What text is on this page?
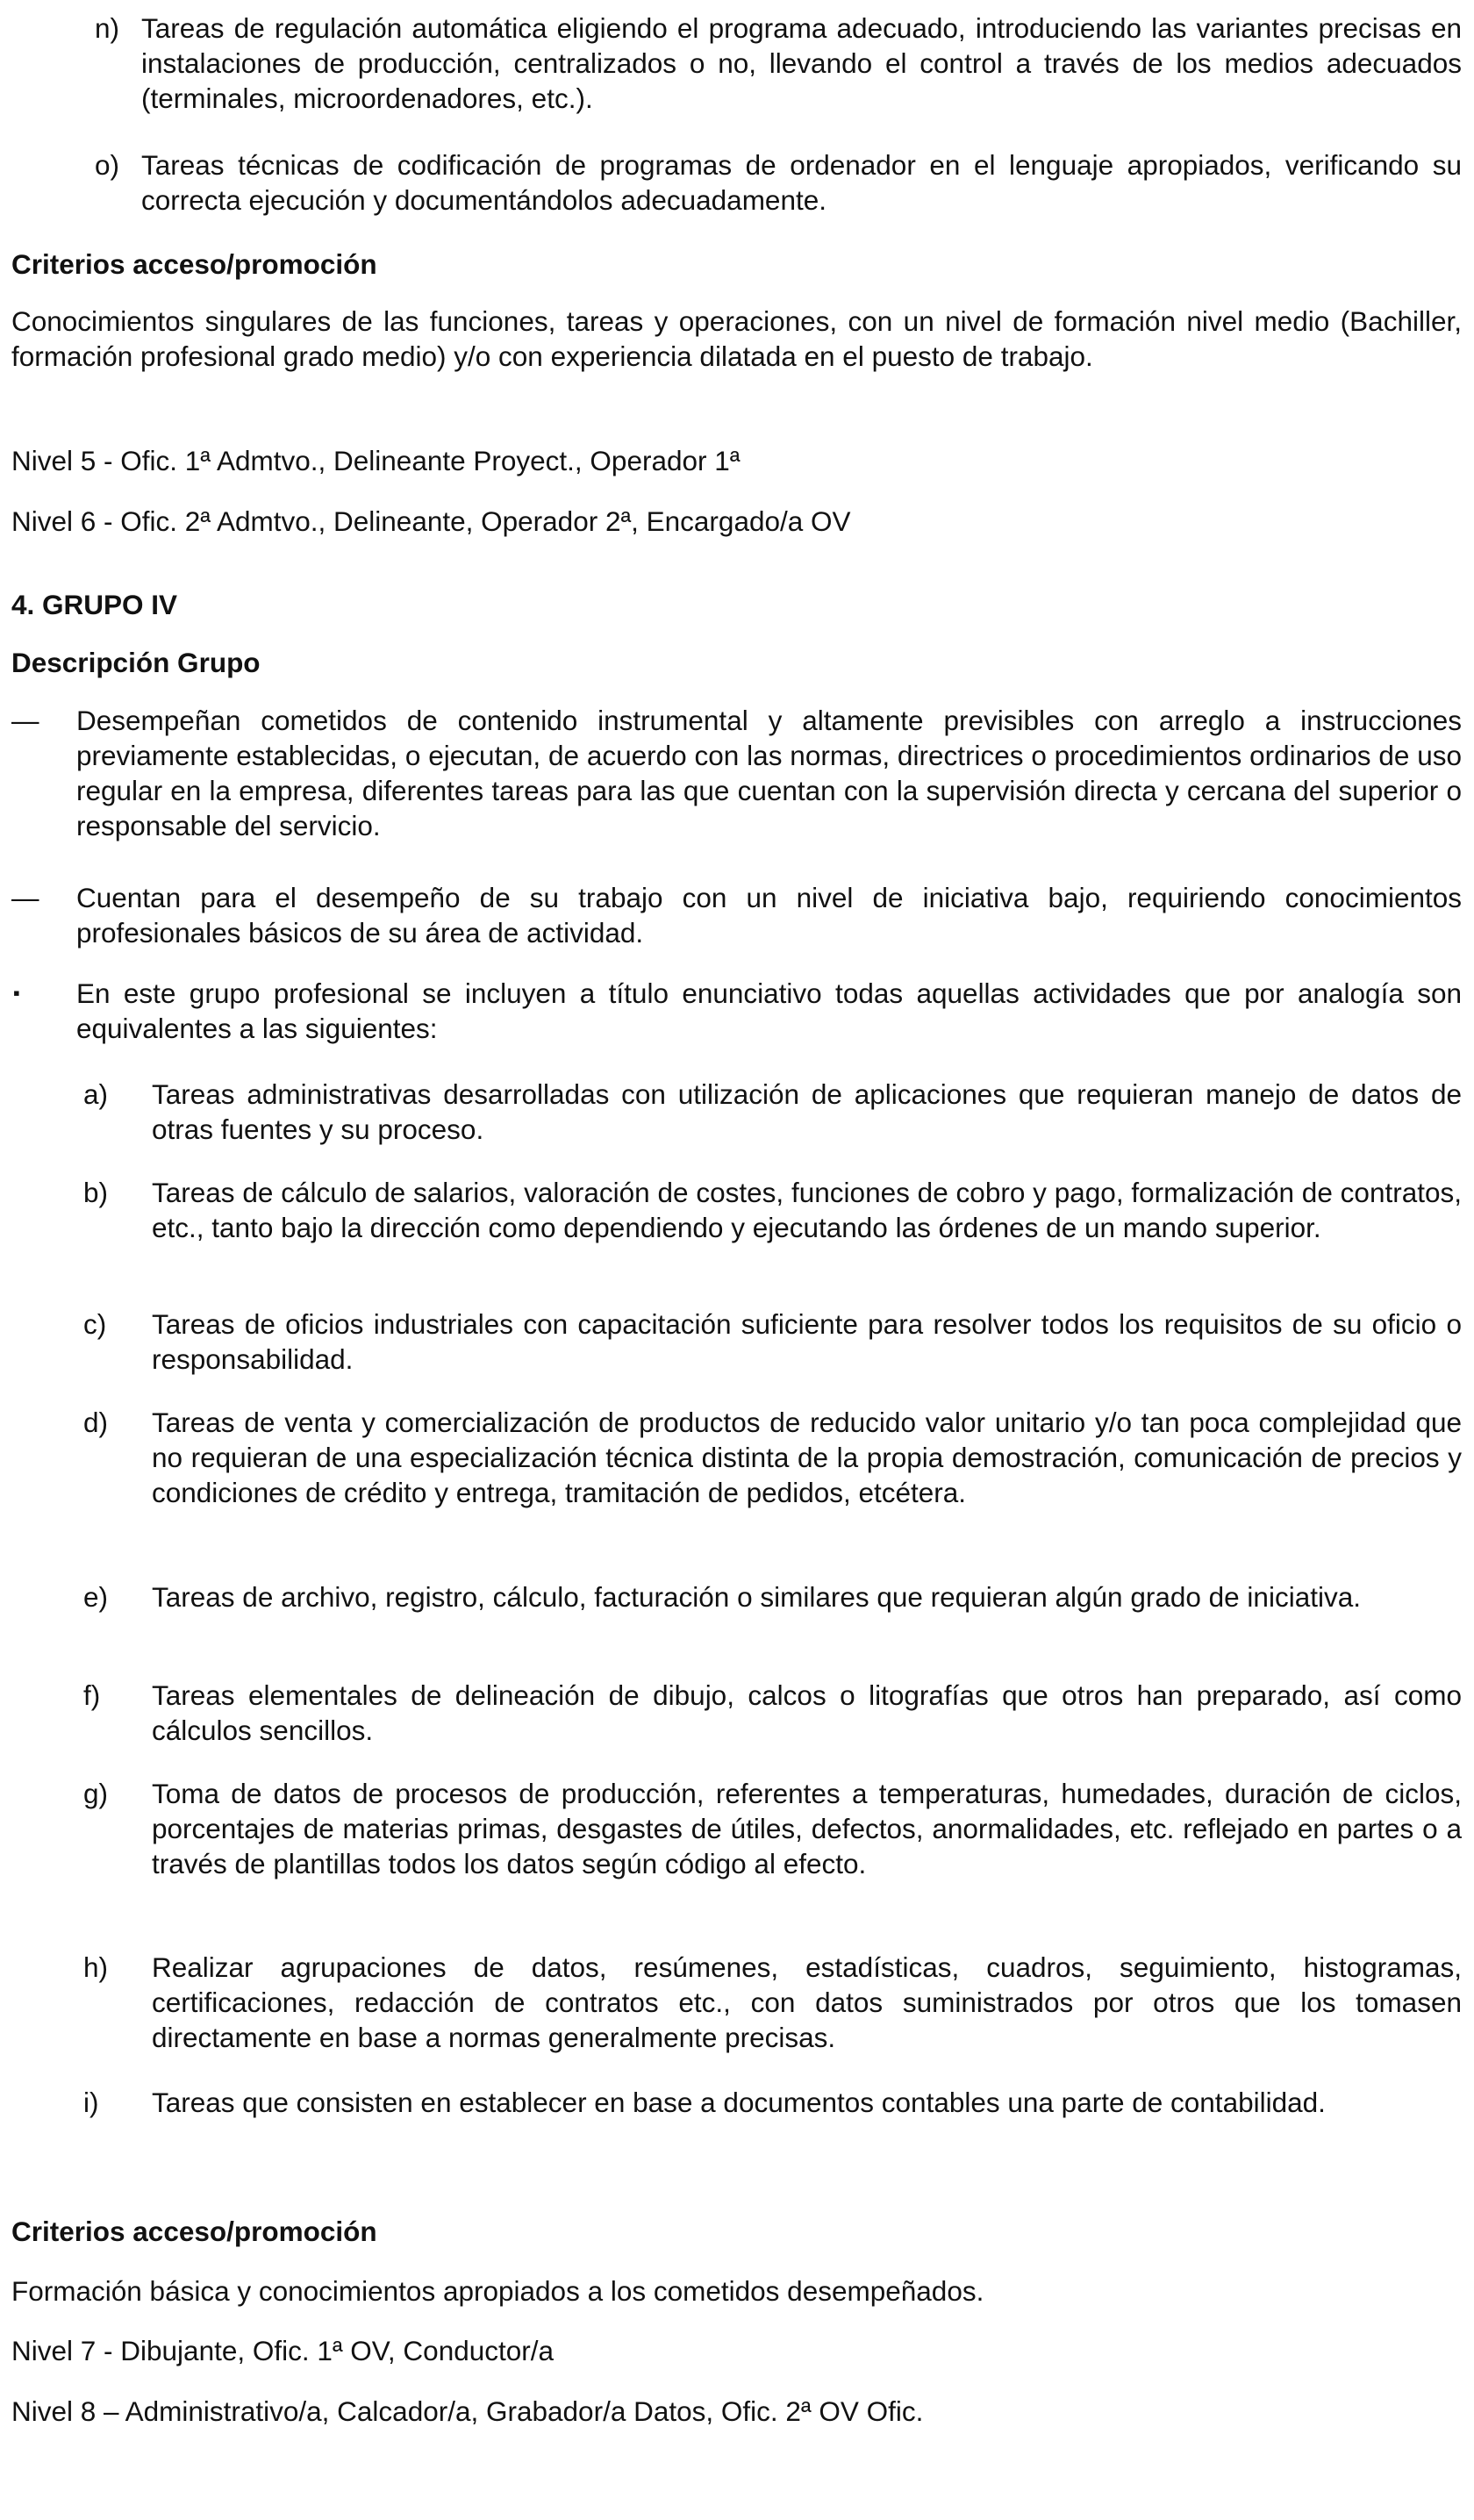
n) Tareas de regulación automática eligiendo el programa adecuado, introduciendo las variantes precisas en instalaciones de producción, centralizados o no, llevando el control a través de los medios adecuados (terminales, microordenadores, etc.).
o) Tareas técnicas de codificación de programas de ordenador en el lenguaje apropiados, verificando su correcta ejecución y documentándolos adecuadamente.

Criterios acceso/promoción

Conocimientos singulares de las funciones, tareas y operaciones, con un nivel de formación nivel medio (Bachiller, formación profesional grado medio) y/o con experiencia dilatada en el puesto de trabajo.

Nivel 5 - Ofic. 1ª Admtvo., Delineante Proyect., Operador 1ª

Nivel 6 - Ofic. 2ª Admtvo., Delineante, Operador 2ª, Encargado/a OV

4. GRUPO IV

Descripción Grupo

— Desempeñan cometidos de contenido instrumental y altamente previsibles con arreglo a instrucciones previamente establecidas, o ejecutan, de acuerdo con las normas, directrices o procedimientos ordinarios de uso regular en la empresa, diferentes tareas para las que cuentan con la supervisión directa y cercana del superior o responsable del servicio.
— Cuentan para el desempeño de su trabajo con un nivel de iniciativa bajo, requiriendo conocimientos profesionales básicos de su área de actividad.
▪ En este grupo profesional se incluyen a título enunciativo todas aquellas actividades que por analogía son equivalentes a las siguientes:
a) Tareas administrativas desarrolladas con utilización de aplicaciones que requieran manejo de datos de otras fuentes y su proceso.
b) Tareas de cálculo de salarios, valoración de costes, funciones de cobro y pago, formalización de contratos, etc., tanto bajo la dirección como dependiendo y ejecutando las órdenes de un mando superior.
c) Tareas de oficios industriales con capacitación suficiente para resolver todos los requisitos de su oficio o responsabilidad.
d) Tareas de venta y comercialización de productos de reducido valor unitario y/o tan poca complejidad que no requieran de una especialización técnica distinta de la propia demostración, comunicación de precios y condiciones de crédito y entrega, tramitación de pedidos, etcétera.
e) Tareas de archivo, registro, cálculo, facturación o similares que requieran algún grado de iniciativa.
f) Tareas elementales de delineación de dibujo, calcos o litografías que otros han preparado, así como cálculos sencillos.
g) Toma de datos de procesos de producción, referentes a temperaturas, humedades, duración de ciclos, porcentajes de materias primas, desgastes de útiles, defectos, anormalidades, etc. reflejado en partes o a través de plantillas todos los datos según código al efecto.
h) Realizar agrupaciones de datos, resúmenes, estadísticas, cuadros, seguimiento, histogramas, certificaciones, redacción de contratos etc., con datos suministrados por otros que los tomasen directamente en base a normas generalmente precisas.
i) Tareas que consisten en establecer en base a documentos contables una parte de contabilidad.

Criterios acceso/promoción

Formación básica y conocimientos apropiados a los cometidos desempeñados.

Nivel 7 - Dibujante, Ofic. 1ª OV, Conductor/a

Nivel 8 – Administrativo/a, Calcador/a, Grabador/a Datos, Ofic. 2ª OV Ofic.
